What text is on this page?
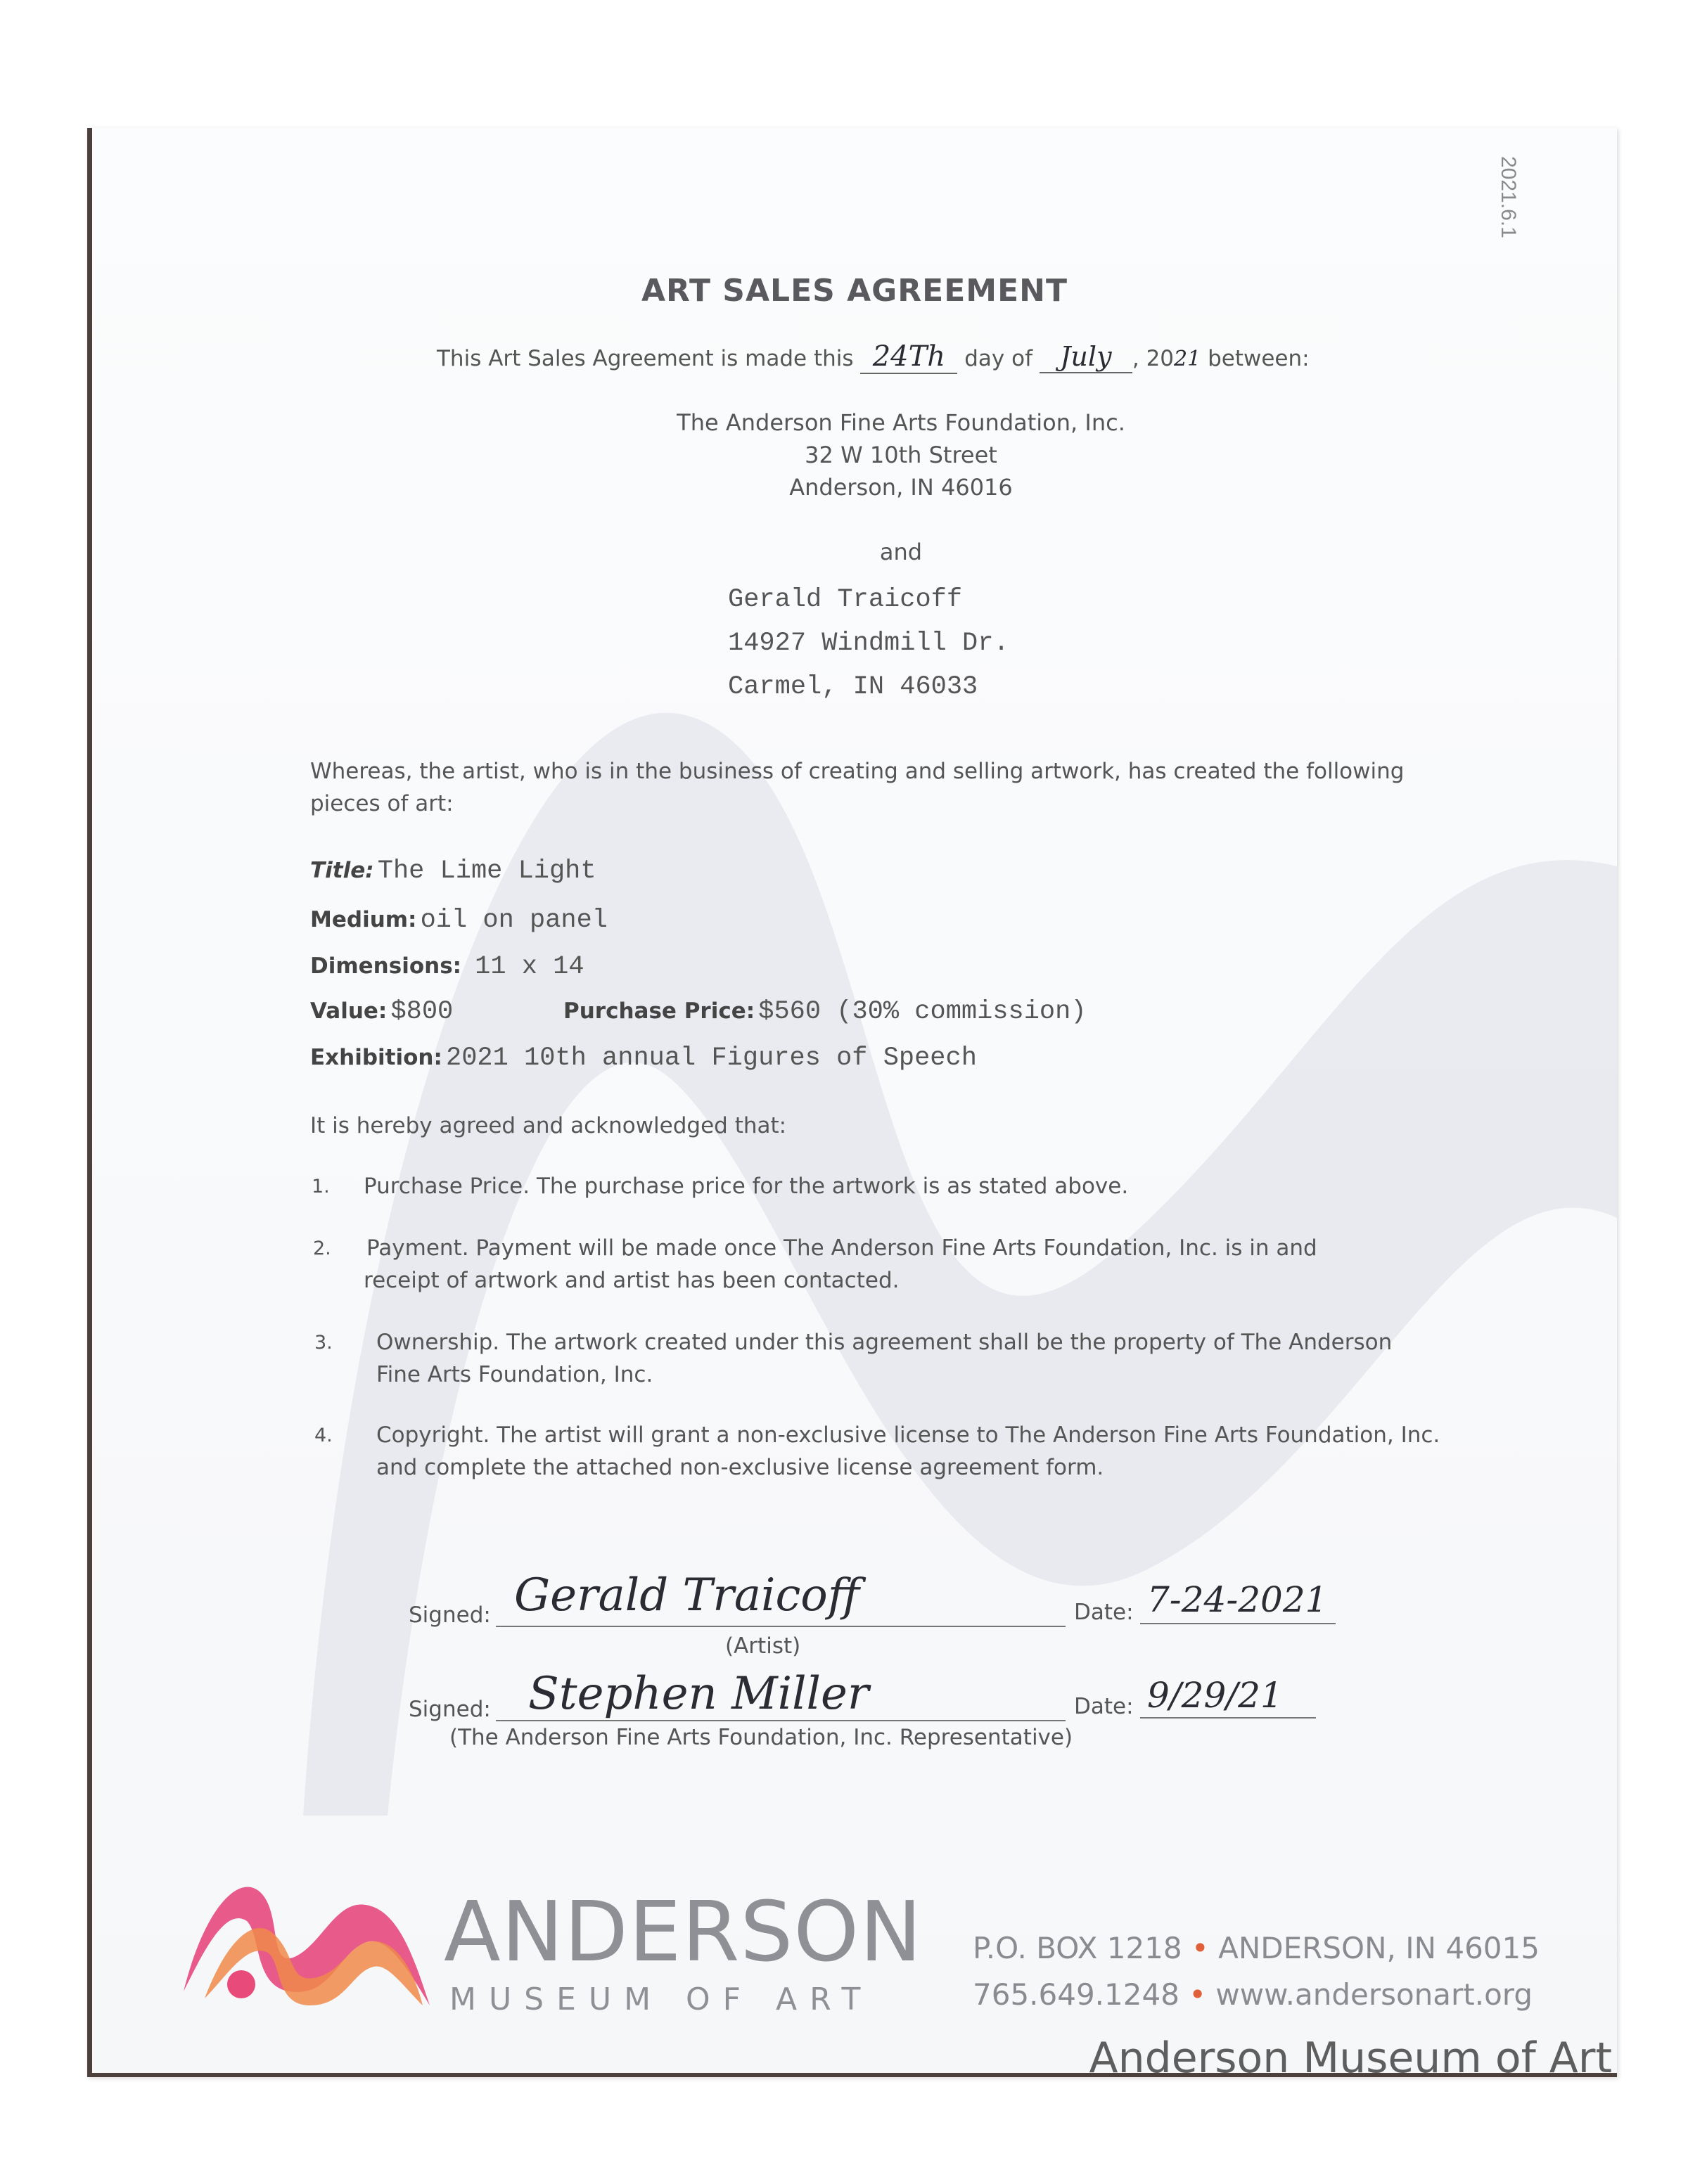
2021.6.1
ART SALES AGREEMENT
This Art Sales Agreement is made this 24Th day of July , 2021 between:
The Anderson Fine Arts Foundation, Inc.
32 W 10th Street
Anderson, IN 46016
and
Gerald Traicoff
14927 Windmill Dr.
Carmel, IN 46033
Whereas, the artist, who is in the business of creating and selling artwork, has created the following pieces of art:
Title: The Lime Light
Medium: oil on panel
Dimensions: 11 x 14
Value: $800	Purchase Price: $560 (30% commission)
Exhibition: 2021 10th annual Figures of Speech
It is hereby agreed and acknowledged that:
1. Purchase Price. The purchase price for the artwork is as stated above.
2. Payment. Payment will be made once The Anderson Fine Arts Foundation, Inc. is in and
receipt of artwork and artist has been contacted.
3. Ownership. The artwork created under this agreement shall be the property of The Anderson
Fine Arts Foundation, Inc.
4. Copyright. The artist will grant a non-exclusive license to The Anderson Fine Arts Foundation, Inc.
and complete the attached non-exclusive license agreement form.
Signed: Gerald Traicoff
(Artist)
Date: 7-24-2021
Signed: Stephen Miller
(The Anderson Fine Arts Foundation, Inc. Representative)
Date: 9/29/21
ANDERSON
MUSEUM OF ART
P.O. BOX 1218 • ANDERSON, IN 46015
765.649.1248 • www.andersonart.org
Anderson Museum of Art
